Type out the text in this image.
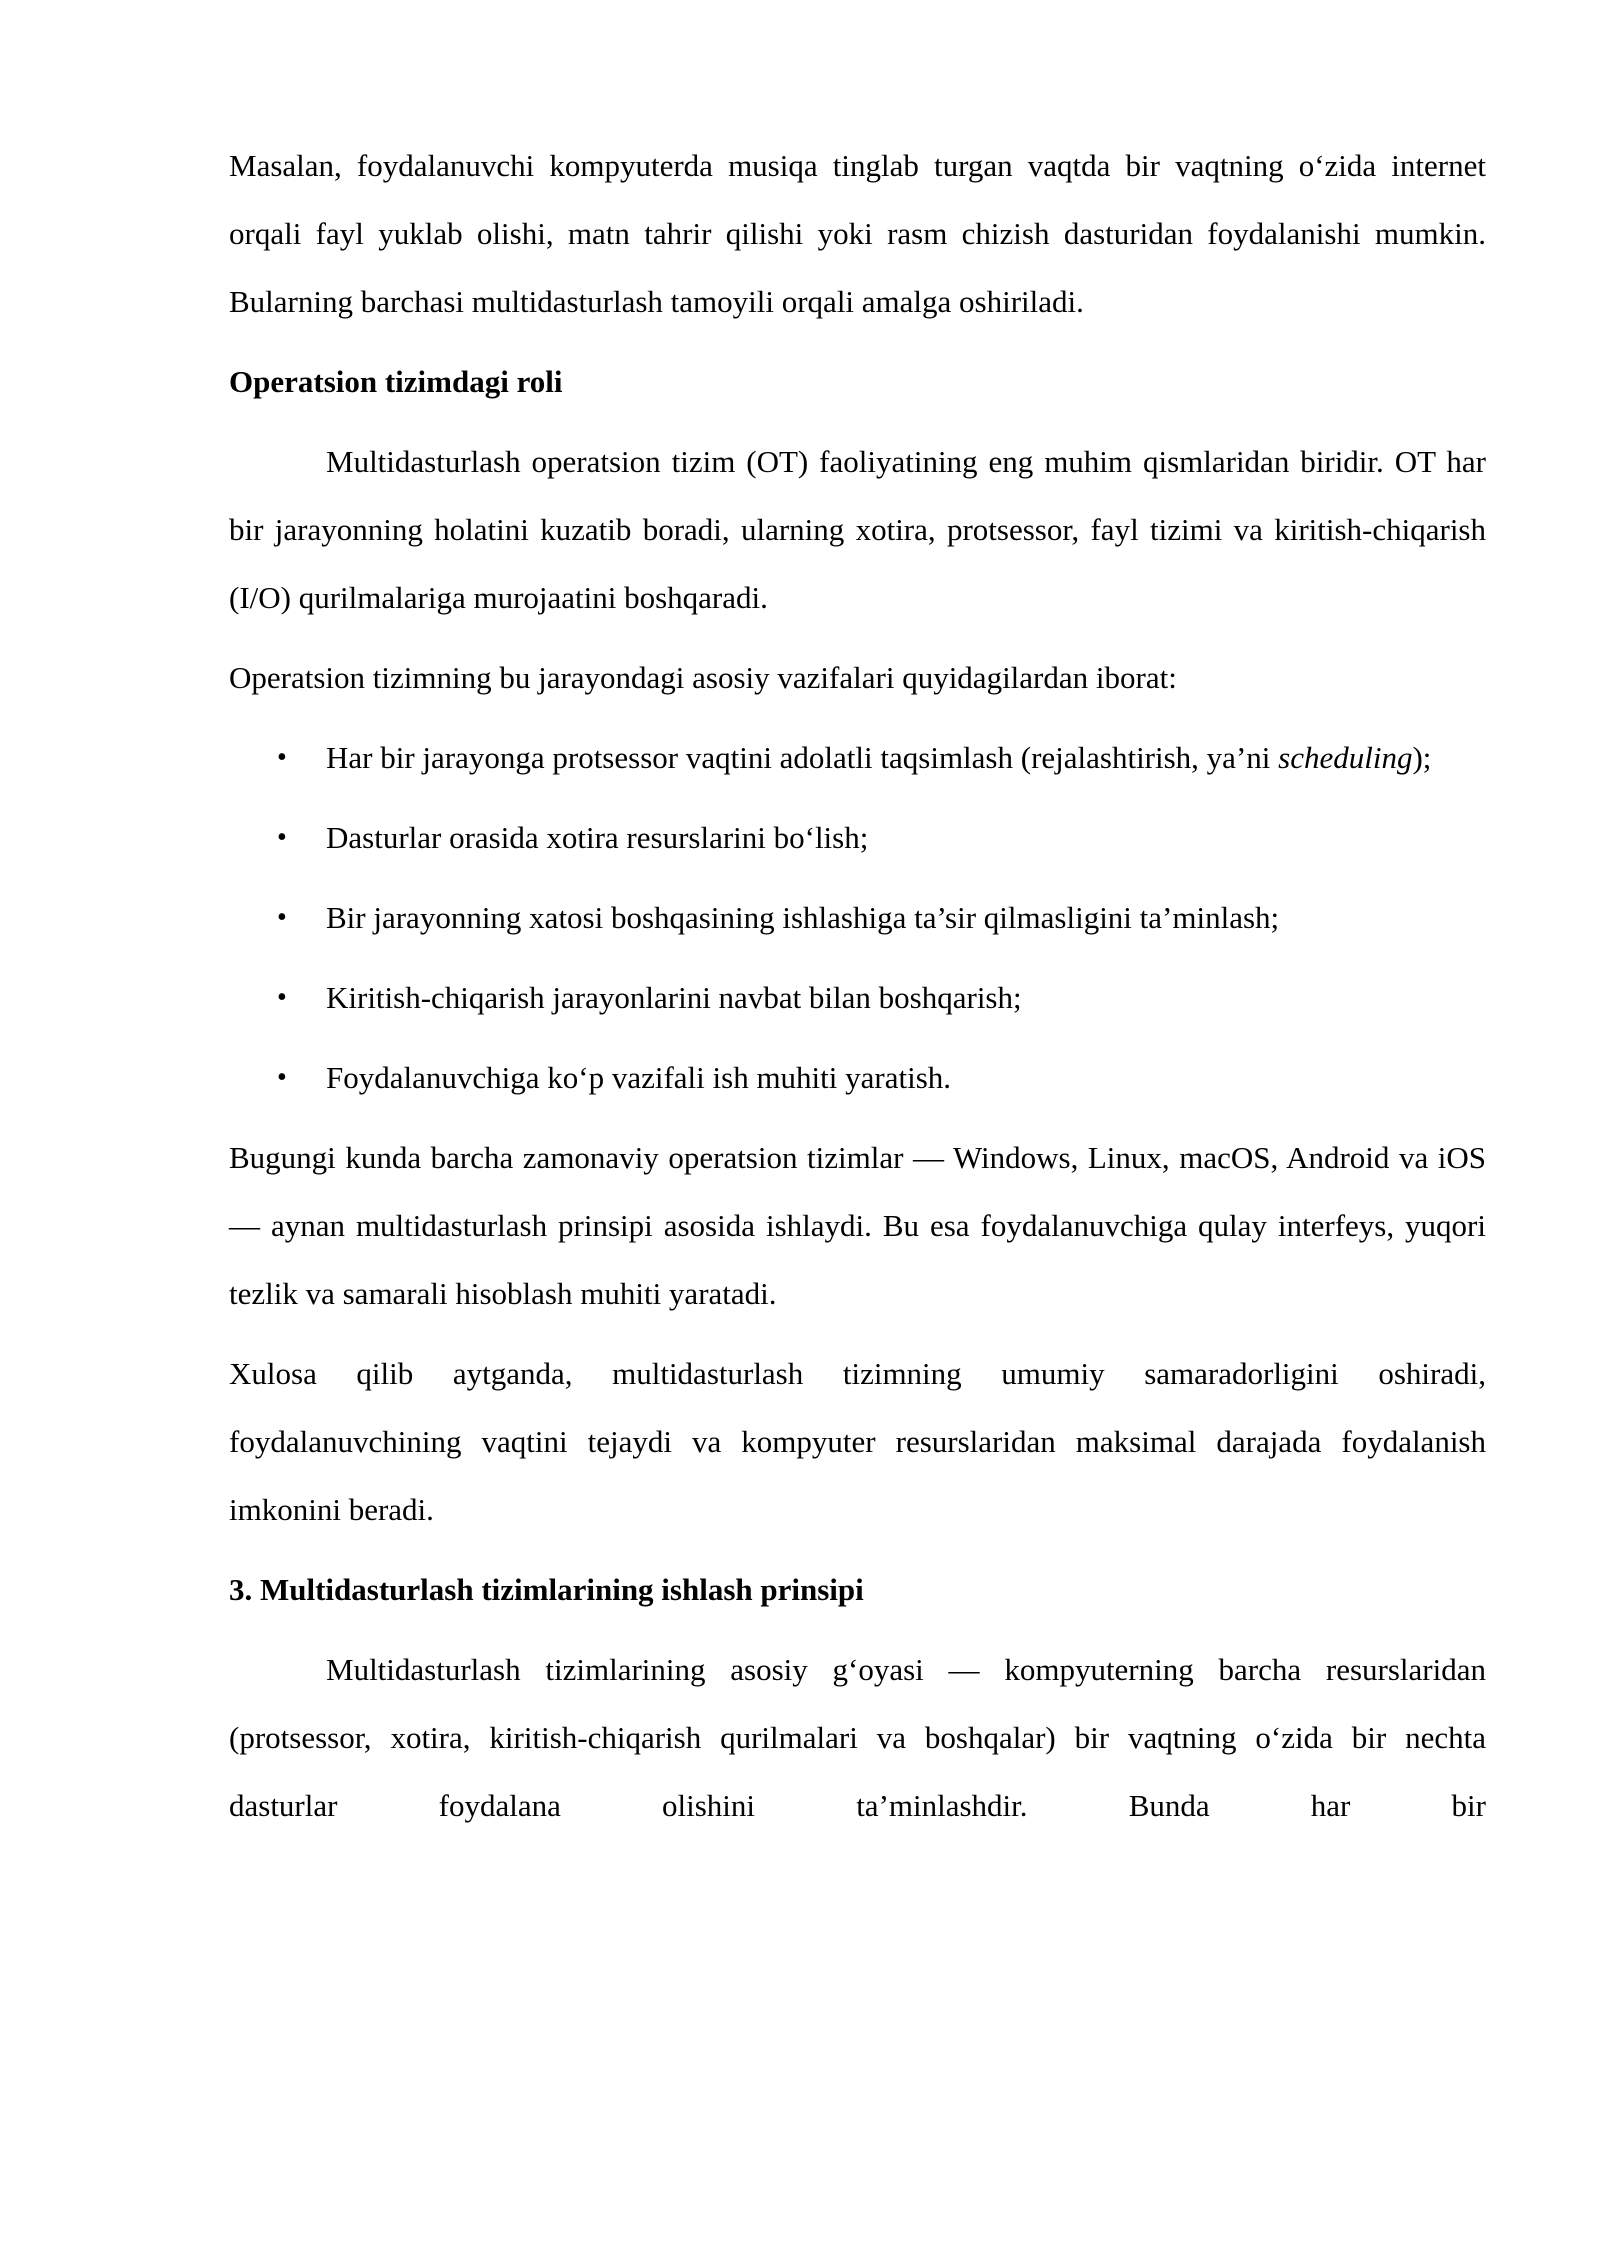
Masalan, foydalanuvchi kompyuterda musiqa tinglab turgan vaqtda bir vaqtning o‘zida internet orqali fayl yuklab olishi, matn tahrir qilishi yoki rasm chizish dasturidan foydalanishi mumkin. Bularning barchasi multidasturlash tamoyili orqali amalga oshiriladi.

Operatsion tizimdagi roli

Multidasturlash operatsion tizim (OT) faoliyatining eng muhim qismlaridan biridir. OT har bir jarayonning holatini kuzatib boradi, ularning xotira, protsessor, fayl tizimi va kiritish-chiqarish (I/O) qurilmalariga murojaatini boshqaradi.

Operatsion tizimning bu jarayondagi asosiy vazifalari quyidagilardan iborat:

• Har bir jarayonga protsessor vaqtini adolatli taqsimlash (rejalashtirish, ya’ni scheduling);
• Dasturlar orasida xotira resurslarini bo‘lish;
• Bir jarayonning xatosi boshqasining ishlashiga ta’sir qilmasligini ta’minlash;
• Kiritish-chiqarish jarayonlarini navbat bilan boshqarish;
• Foydalanuvchiga ko‘p vazifali ish muhiti yaratish.

Bugungi kunda barcha zamonaviy operatsion tizimlar — Windows, Linux, macOS, Android va iOS — aynan multidasturlash prinsipi asosida ishlaydi. Bu esa foydalanuvchiga qulay interfeys, yuqori tezlik va samarali hisoblash muhiti yaratadi.

Xulosa qilib aytganda, multidasturlash tizimning umumiy samaradorligini oshiradi, foydalanuvchining vaqtini tejaydi va kompyuter resurslaridan maksimal darajada foydalanish imkonini beradi.

3. Multidasturlash tizimlarining ishlash prinsipi

Multidasturlash tizimlarining asosiy g‘oyasi — kompyuterning barcha resurslaridan (protsessor, xotira, kiritish-chiqarish qurilmalari va boshqalar) bir vaqtning o‘zida bir nechta dasturlar foydalana olishini ta’minlashdir. Bunda har bir
